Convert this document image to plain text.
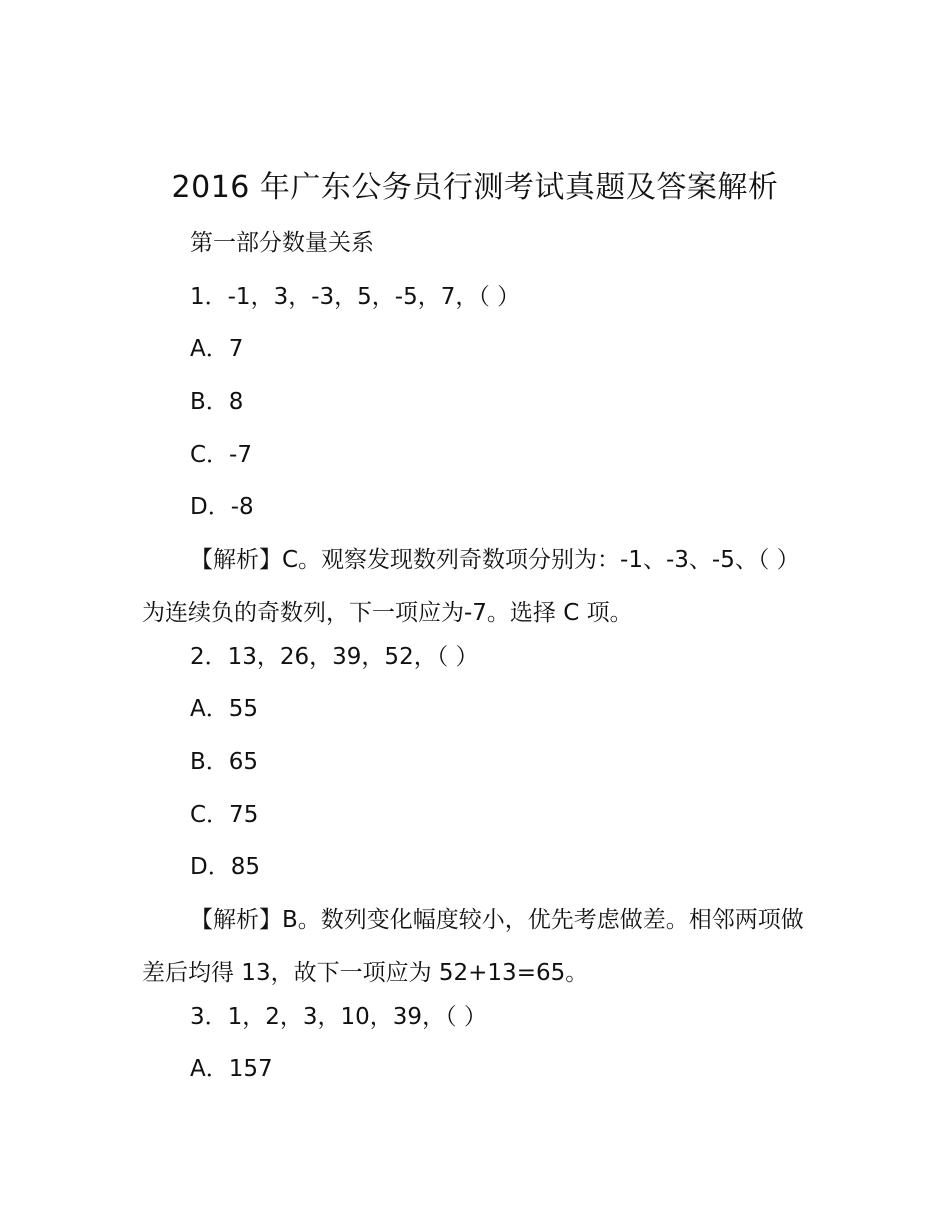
2016 年广东公务员行测考试真题及答案解析
第一部分数量关系
1．-1，3，-3，5，-5，7，（ ）
A．7
B．8
C．-7
D．-8
【解析】C。观察发现数列奇数项分别为：-1、-3、-5、（ ）为连续负的奇数列，下一项应为-7。选择 C 项。
2．13，26，39，52，（ ）
A．55
B．65
C．75
D．85
【解析】B。数列变化幅度较小，优先考虑做差。相邻两项做差后均得 13，故下一项应为 52+13=65。
3．1，2，3，10，39，（ ）
A．157
